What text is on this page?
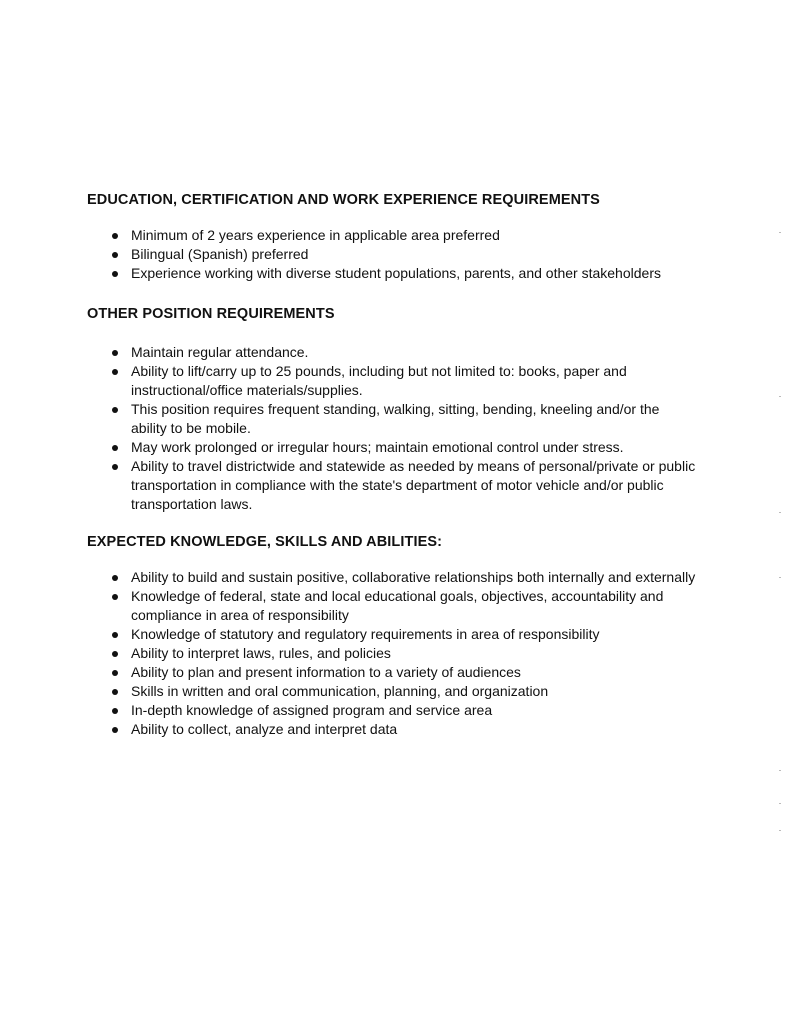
EDUCATION, CERTIFICATION AND WORK EXPERIENCE REQUIREMENTS
Minimum of 2 years experience in applicable area preferred
Bilingual (Spanish) preferred
Experience working with diverse student populations, parents, and other stakeholders
OTHER POSITION REQUIREMENTS
Maintain regular attendance.
Ability to lift/carry up to 25 pounds, including but not limited to: books, paper and instructional/office materials/supplies.
This position requires frequent standing, walking, sitting, bending, kneeling and/or the ability to be mobile.
May work prolonged or irregular hours; maintain emotional control under stress.
Ability to travel districtwide and statewide as needed by means of personal/private or public transportation in compliance with the state's department of motor vehicle and/or public transportation laws.
EXPECTED KNOWLEDGE, SKILLS AND ABILITIES:
Ability to build and sustain positive, collaborative relationships both internally and externally
Knowledge of federal, state and local educational goals, objectives, accountability and compliance in area of responsibility
Knowledge of statutory and regulatory requirements in area of responsibility
Ability to interpret laws, rules, and policies
Ability to plan and present information to a variety of audiences
Skills in written and oral communication, planning, and organization
In-depth knowledge of assigned program and service area
Ability to collect, analyze and interpret data
